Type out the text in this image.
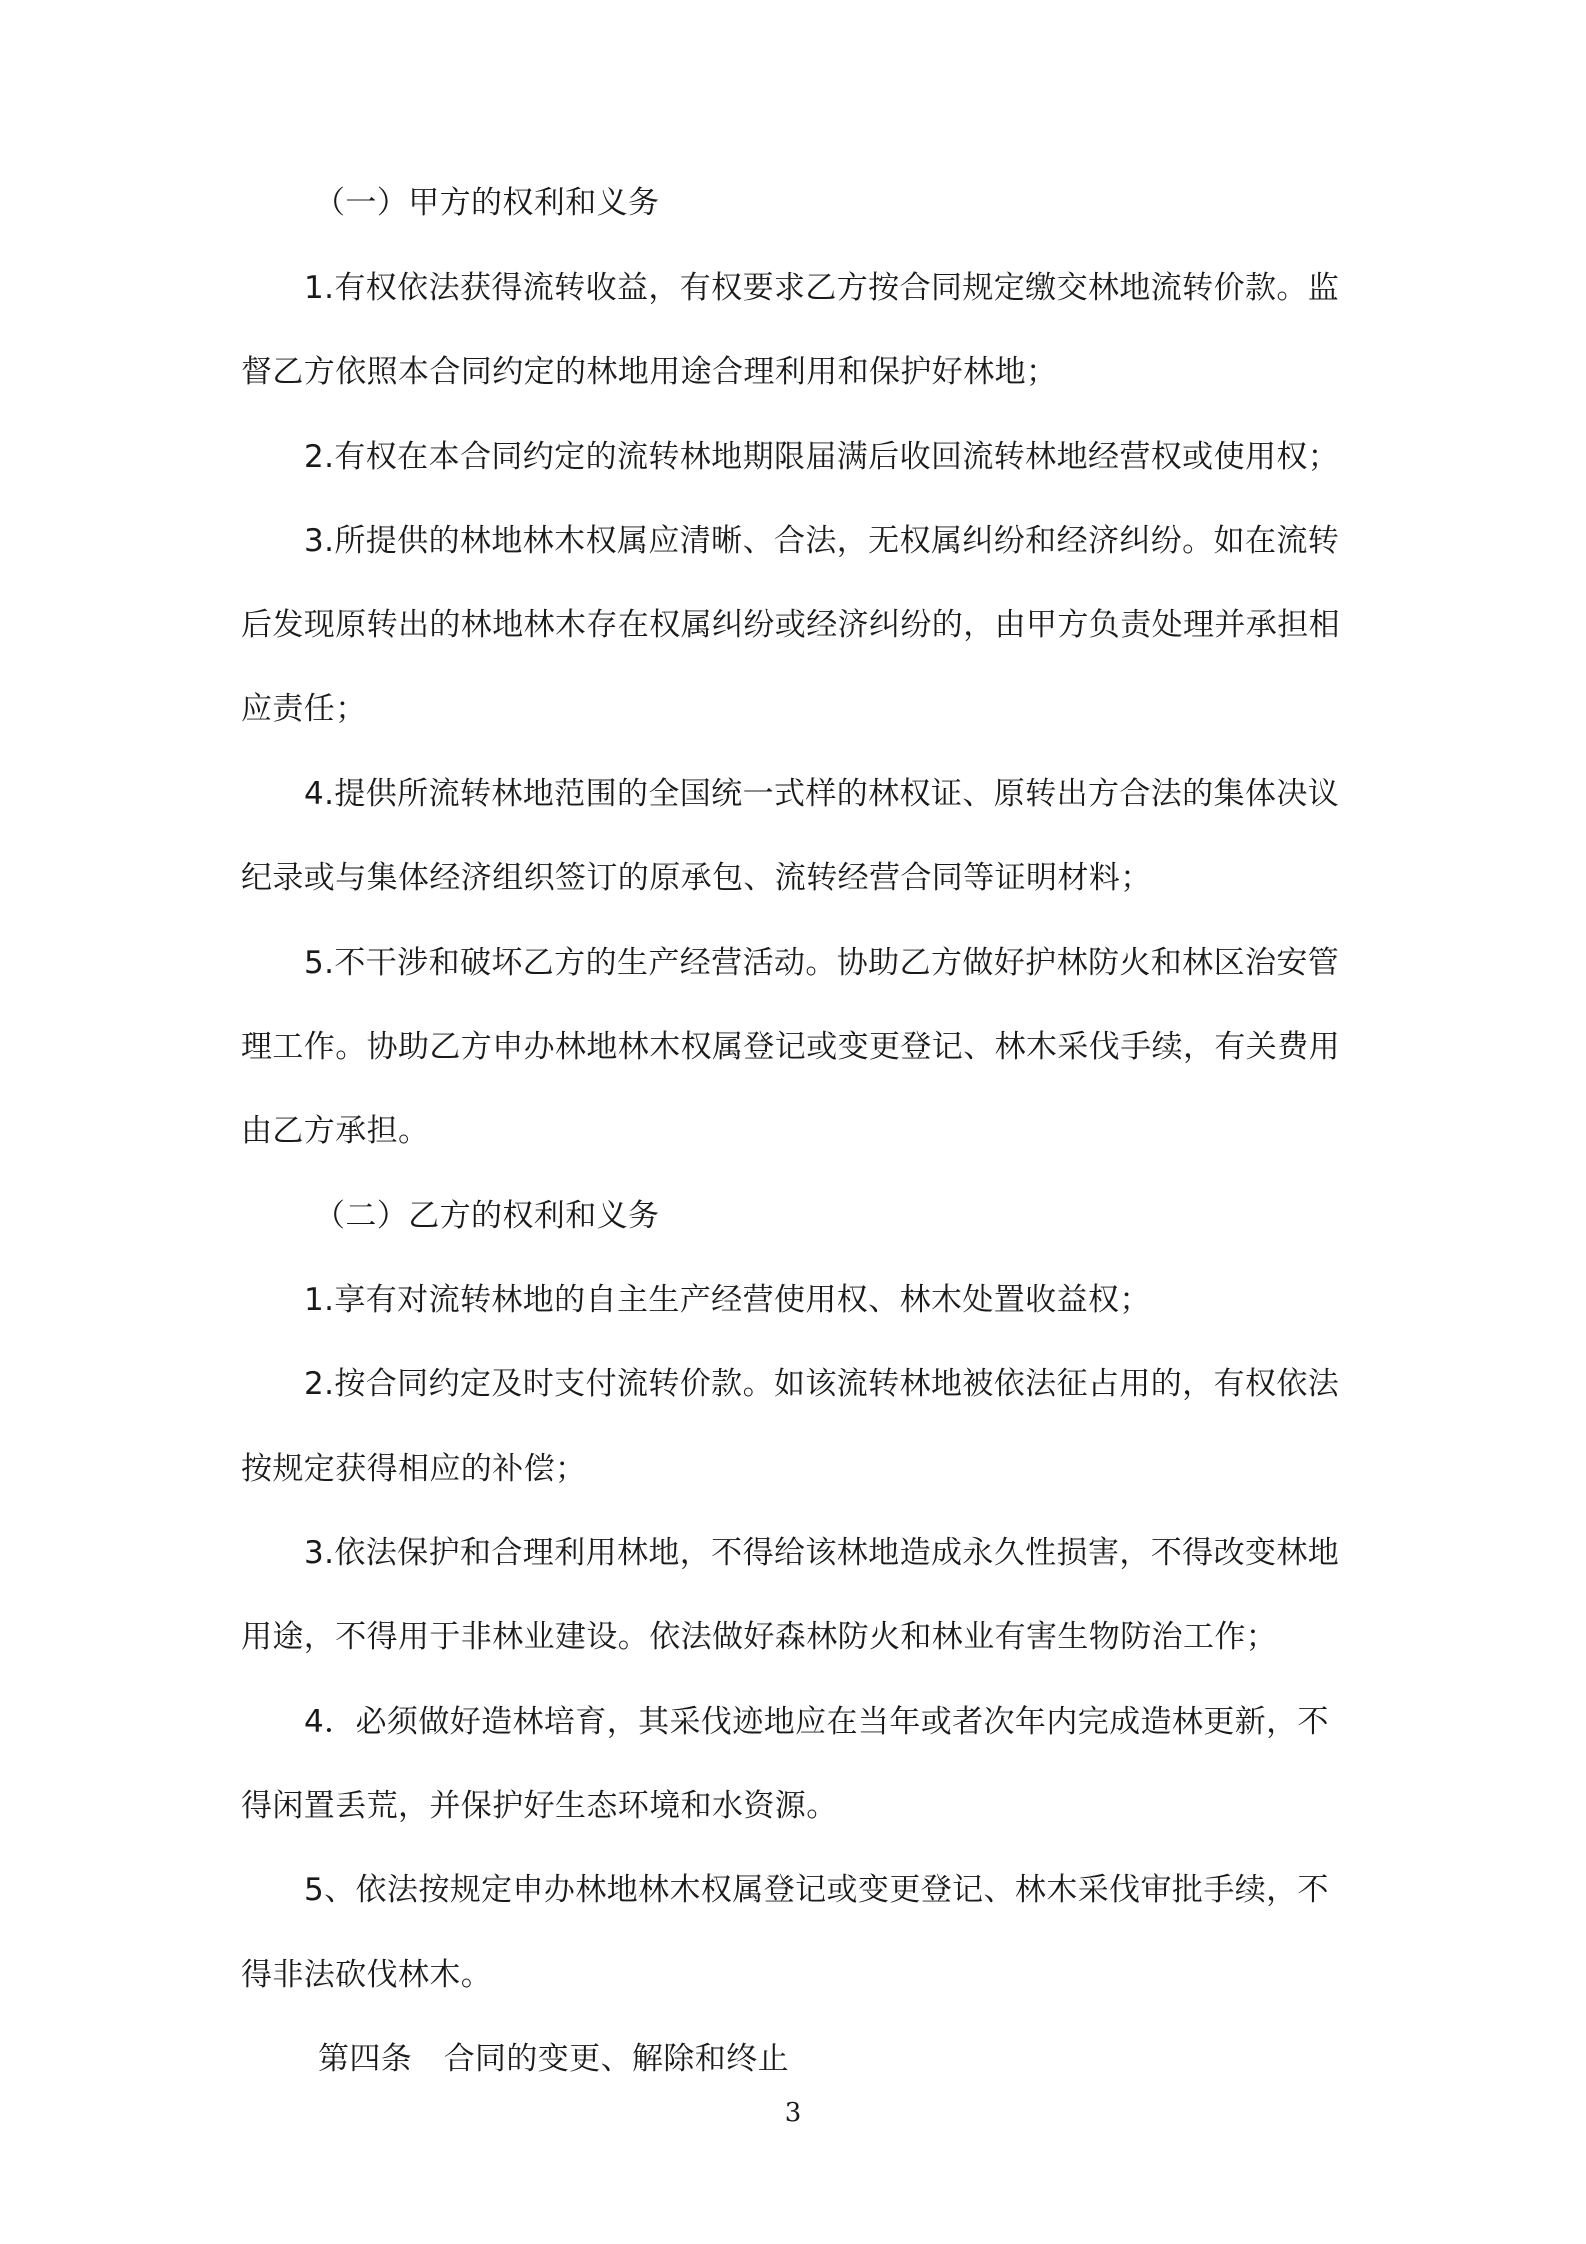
（一）甲方的权利和义务
1.有权依法获得流转收益，有权要求乙方按合同规定缴交林地流转价款。监
督乙方依照本合同约定的林地用途合理利用和保护好林地；
2.有权在本合同约定的流转林地期限届满后收回流转林地经营权或使用权；
3.所提供的林地林木权属应清晰、合法，无权属纠纷和经济纠纷。如在流转
后发现原转出的林地林木存在权属纠纷或经济纠纷的，由甲方负责处理并承担相
应责任；
4.提供所流转林地范围的全国统一式样的林权证、原转出方合法的集体决议
纪录或与集体经济组织签订的原承包、流转经营合同等证明材料；
5.不干涉和破坏乙方的生产经营活动。协助乙方做好护林防火和林区治安管
理工作。协助乙方申办林地林木权属登记或变更登记、林木采伐手续，有关费用
由乙方承担。
（二）乙方的权利和义务
1.享有对流转林地的自主生产经营使用权、林木处置收益权；
2.按合同约定及时支付流转价款。如该流转林地被依法征占用的，有权依法
按规定获得相应的补偿；
3.依法保护和合理利用林地，不得给该林地造成永久性损害，不得改变林地
用途，不得用于非林业建设。依法做好森林防火和林业有害生物防治工作；
4．必须做好造林培育，其采伐迹地应在当年或者次年内完成造林更新，不
得闲置丢荒，并保护好生态环境和水资源。
5、依法按规定申办林地林木权属登记或变更登记、林木采伐审批手续，不
得非法砍伐林木。
第四条　合同的变更、解除和终止
3
